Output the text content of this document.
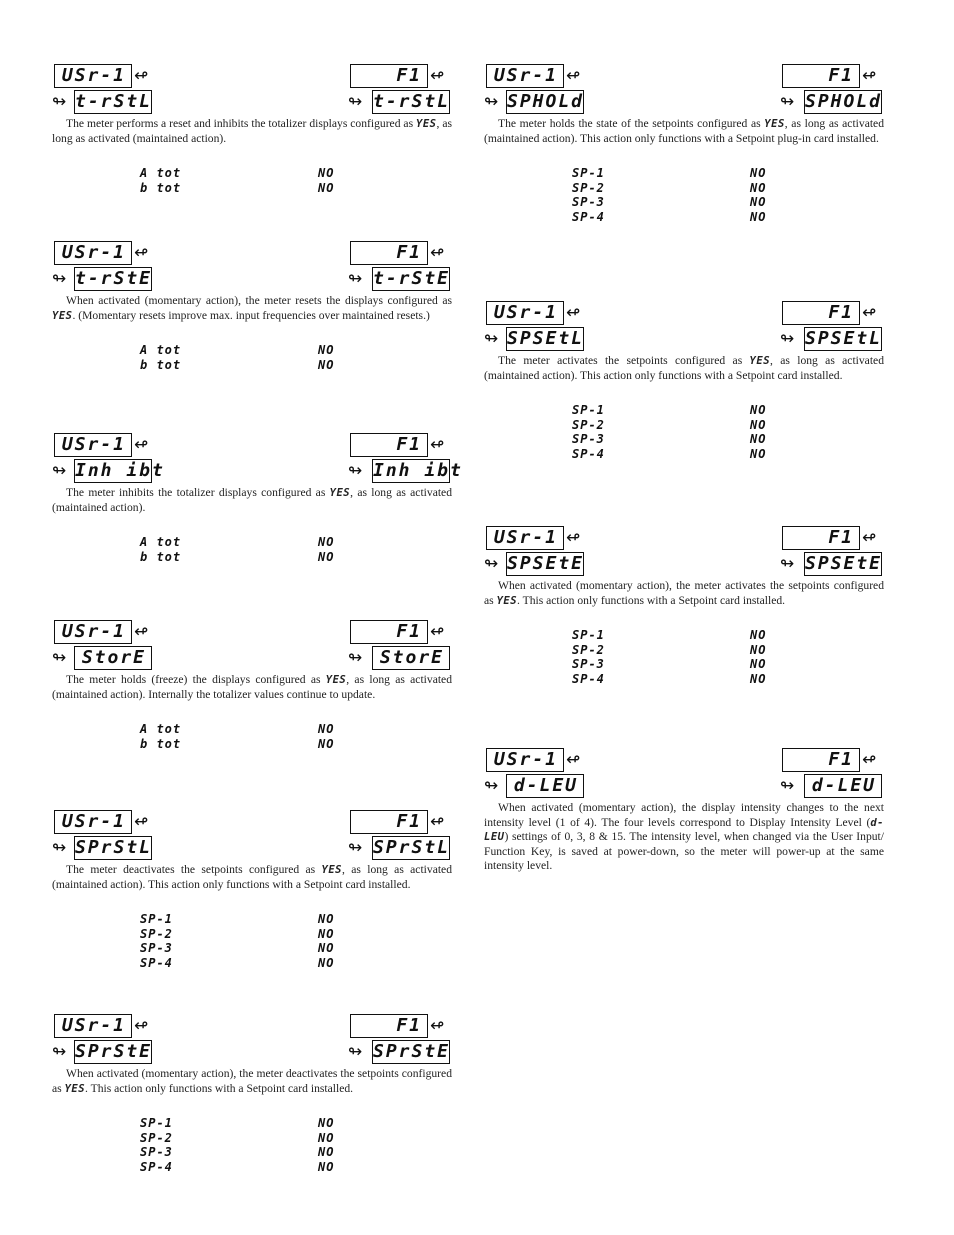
USr-1 ↫	F1 ↫
↬ t-rStL	↬ t-rStL

The meter performs a reset and inhibits the totalizer displays configured as YES, as long as activated (maintained action).

A tot	NO
b tot	NO
USr-1 ↫	F1 ↫
↬ t-rStE	↬ t-rStE

When activated (momentary action), the meter resets the displays configured as YES. (Momentary resets improve max. input frequencies over maintained resets.)

A tot	NO
b tot	NO
USr-1 ↫	F1 ↫
↬ Inh ibt	↬ Inh ibt

The meter inhibits the totalizer displays configured as YES, as long as activated (maintained action).

A tot	NO
b tot	NO
USr-1 ↫	F1 ↫
↬ StorE	↬ StorE

The meter holds (freeze) the displays configured as YES, as long as activated (maintained action). Internally the totalizer values continue to update.

A tot	NO
b tot	NO
USr-1 ↫	F1 ↫
↬ SPrStL	↬ SPrStL

The meter deactivates the setpoints configured as YES, as long as activated (maintained action). This action only functions with a Setpoint card installed.

SP-1	NO
SP-2	NO
SP-3	NO
SP-4	NO
USr-1 ↫	F1 ↫
↬ SPrStE	↬ SPrStE

When activated (momentary action), the meter deactivates the setpoints configured as YES. This action only functions with a Setpoint card installed.

SP-1	NO
SP-2	NO
SP-3	NO
SP-4	NO
USr-1 ↫	F1 ↫
↬ SPHOLd	↬ SPHOLd

The meter holds the state of the setpoints configured as YES, as long as activated (maintained action). This action only functions with a Setpoint plug-in card installed.

SP-1	NO
SP-2	NO
SP-3	NO
SP-4	NO
USr-1 ↫	F1 ↫
↬ SPSEtL	↬ SPSEtL

The meter activates the setpoints configured as YES, as long as activated (maintained action). This action only functions with a Setpoint card installed.

SP-1	NO
SP-2	NO
SP-3	NO
SP-4	NO
USr-1 ↫	F1 ↫
↬ SPSEtE	↬ SPSEtE

When activated (momentary action), the meter activates the setpoints configured as YES. This action only functions with a Setpoint card installed.

SP-1	NO
SP-2	NO
SP-3	NO
SP-4	NO
USr-1 ↫	F1 ↫
↬ d-LEU	↬ d-LEU

When activated (momentary action), the display intensity changes to the next intensity level (1 of 4). The four levels correspond to Display Intensity Level (d-LEU) settings of 0, 3, 8 & 15. The intensity level, when changed via the User Input/ Function Key, is saved at power-down, so the meter will power-up at the same intensity level.
